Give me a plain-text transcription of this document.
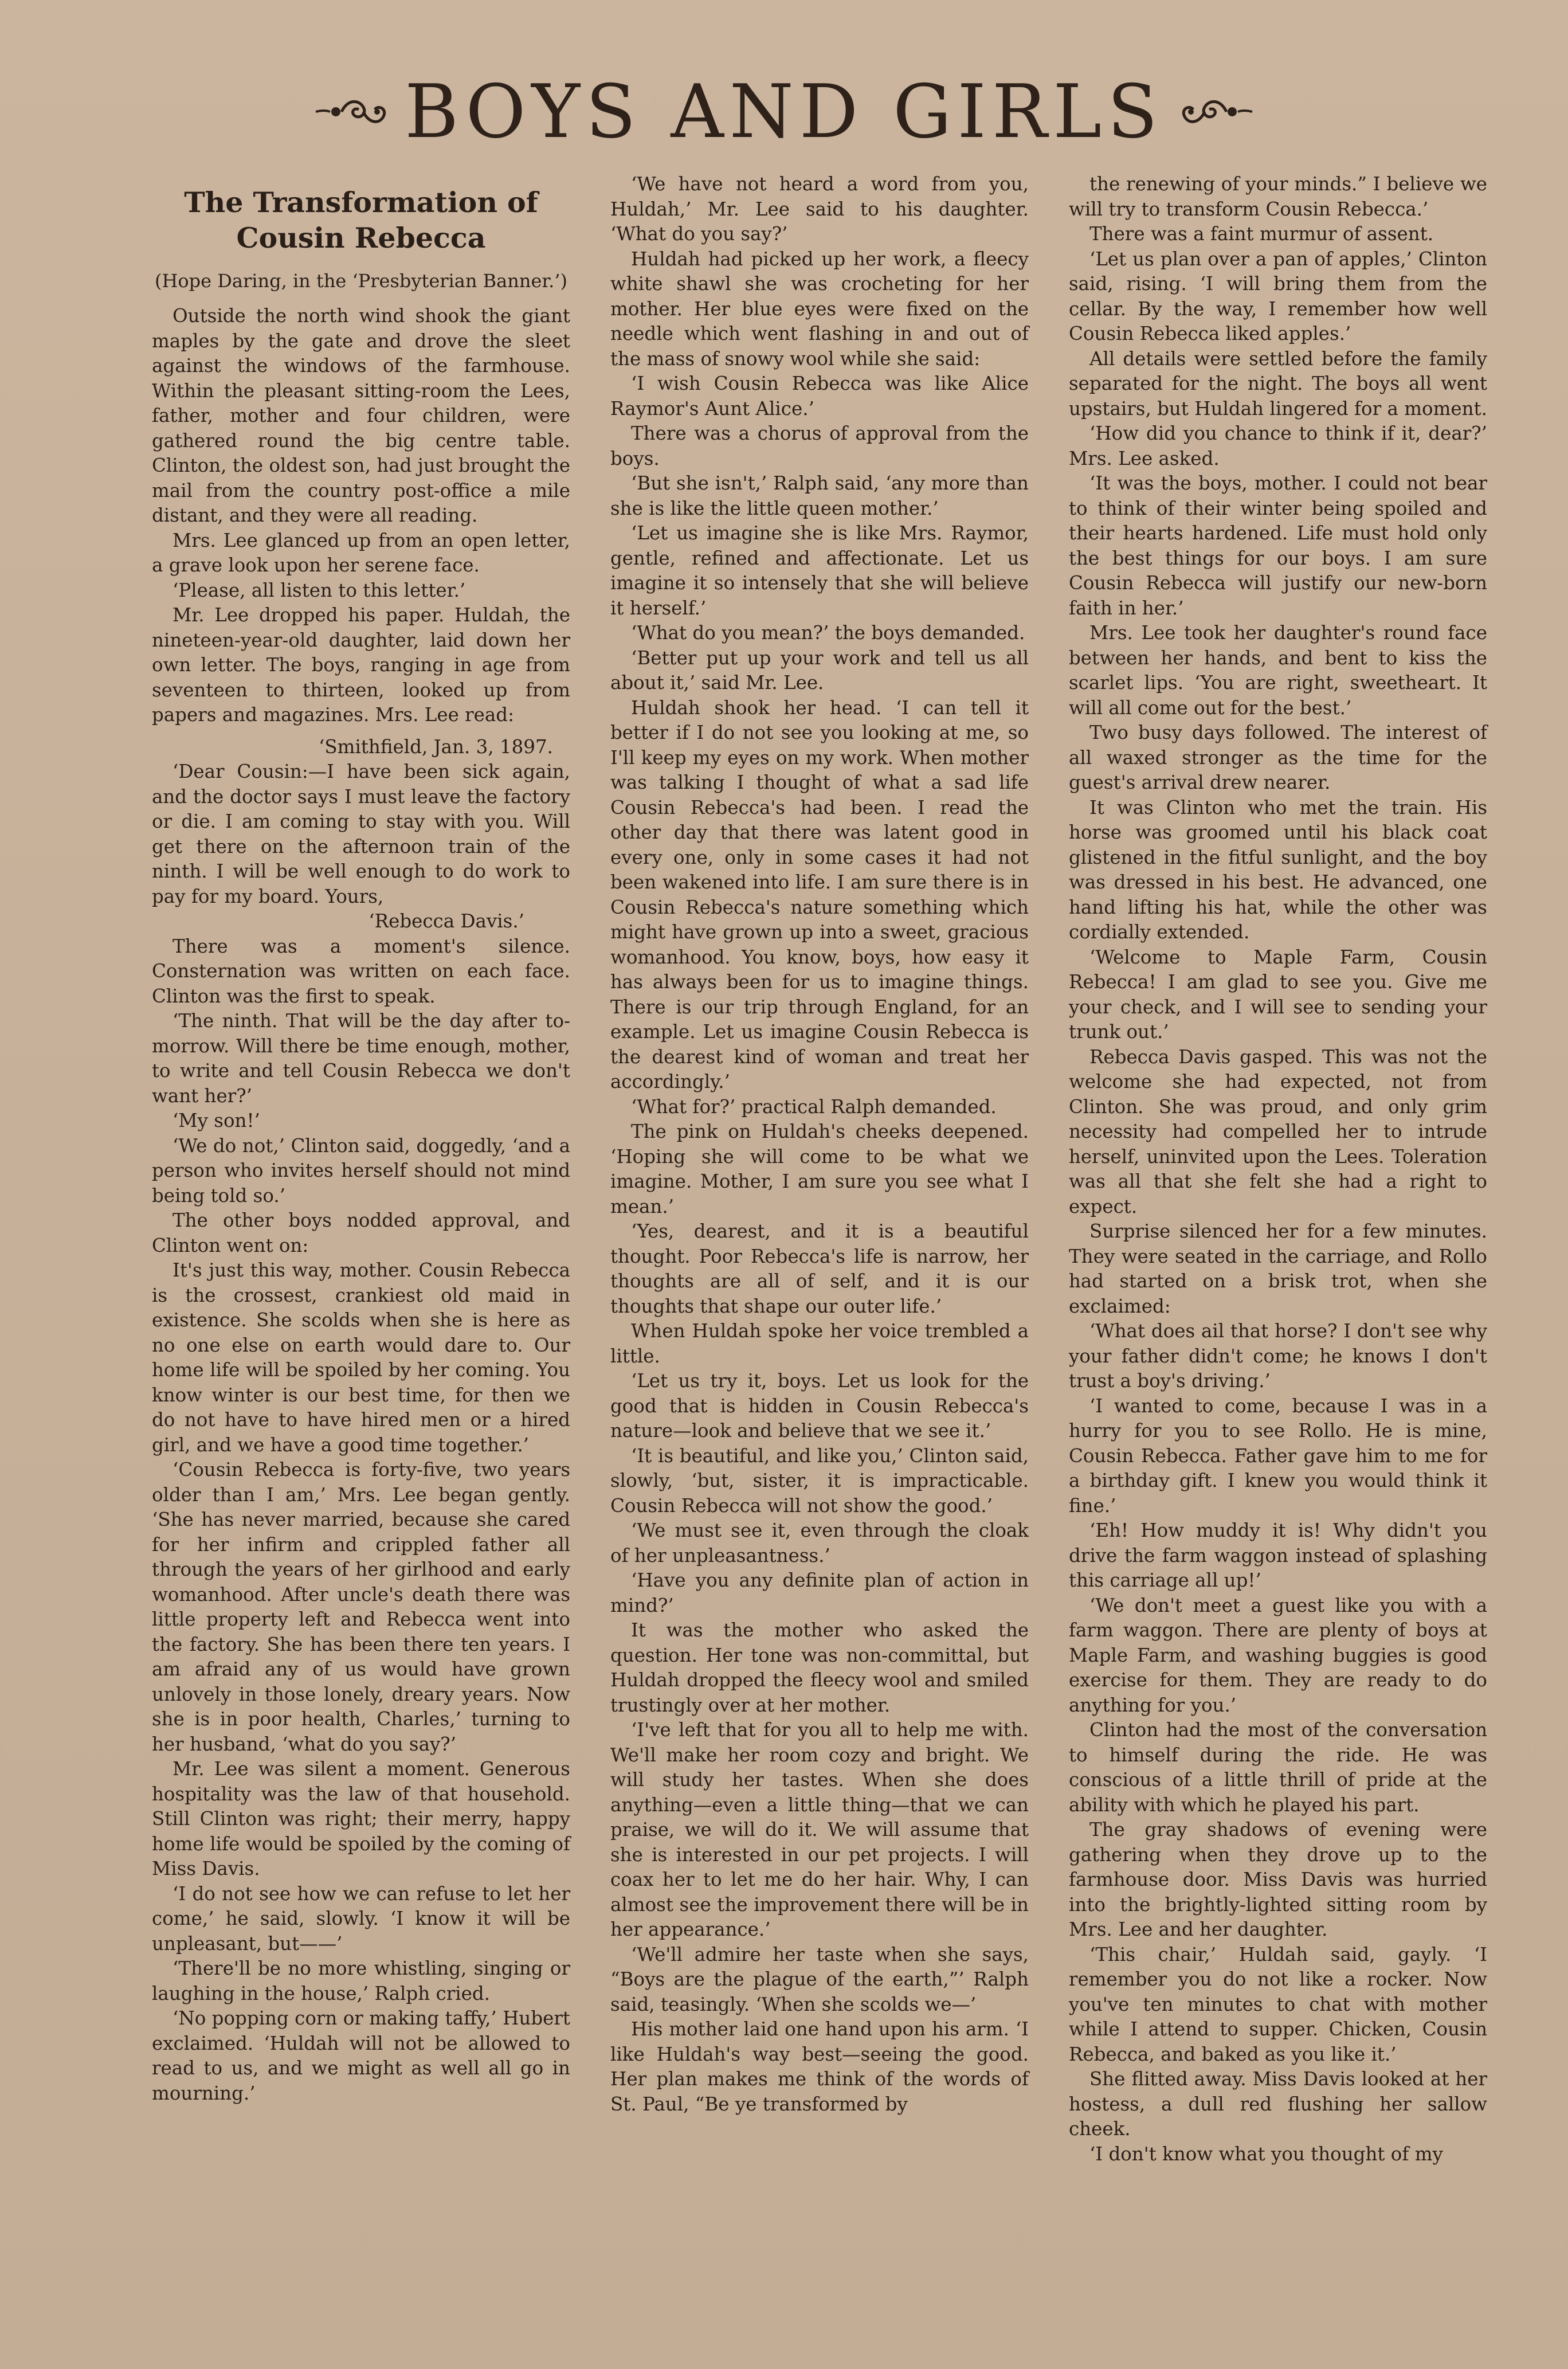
BOYS AND GIRLS
The Transformation of
Cousin Rebecca
(Hope Daring, in the ‘Presbyterian Banner.’)

Outside the north wind shook the giant maples by the gate and drove the sleet against the windows of the farmhouse. Within the pleasant sitting-room the Lees, father, mother and four children, were gathered round the big centre table. Clinton, the oldest son, had just brought the mail from the country post-office a mile distant, and they were all reading.

Mrs. Lee glanced up from an open letter, a grave look upon her serene face.

‘Please, all listen to this letter.’

Mr. Lee dropped his paper. Huldah, the nineteen-year-old daughter, laid down her own letter. The boys, ranging in age from seventeen to thirteen, looked up from papers and magazines. Mrs. Lee read:

‘Smithfield, Jan. 3, 1897.

‘Dear Cousin:—I have been sick again, and the doctor says I must leave the factory or die. I am coming to stay with you. Will get there on the afternoon train of the ninth. I will be well enough to do work to pay for my board. Yours,

‘Rebecca Davis.’

There was a moment's silence. Consternation was written on each face. Clinton was the first to speak.

‘The ninth. That will be the day after to-morrow. Will there be time enough, mother, to write and tell Cousin Rebecca we don't want her?’

‘My son!’

‘We do not,’ Clinton said, doggedly, ‘and a person who invites herself should not mind being told so.’

The other boys nodded approval, and Clinton went on:

It's just this way, mother. Cousin Rebecca is the crossest, crankiest old maid in existence. She scolds when she is here as no one else on earth would dare to. Our home life will be spoiled by her coming. You know winter is our best time, for then we do not have to have hired men or a hired girl, and we have a good time together.’

‘Cousin Rebecca is forty-five, two years older than I am,’ Mrs. Lee began gently. ‘She has never married, because she cared for her infirm and crippled father all through the years of her girlhood and early womanhood. After uncle's death there was little property left and Rebecca went into the factory. She has been there ten years. I am afraid any of us would have grown unlovely in those lonely, dreary years. Now she is in poor health, Charles,’ turning to her husband, ‘what do you say?’

Mr. Lee was silent a moment. Generous hospitality was the law of that household. Still Clinton was right; their merry, happy home life would be spoiled by the coming of Miss Davis.

‘I do not see how we can refuse to let her come,’ he said, slowly. ‘I know it will be unpleasant, but——’

‘There'll be no more whistling, singing or laughing in the house,’ Ralph cried.

‘No popping corn or making taffy,’ Hubert exclaimed. ‘Huldah will not be allowed to read to us, and we might as well all go in mourning.’

‘We have not heard a word from you, Huldah,’ Mr. Lee said to his daughter. ‘What do you say?’

Huldah had picked up her work, a fleecy white shawl she was crocheting for her mother. Her blue eyes were fixed on the needle which went flashing in and out of the mass of snowy wool while she said:

‘I wish Cousin Rebecca was like Alice Raymor's Aunt Alice.’

There was a chorus of approval from the boys.

‘But she isn't,’ Ralph said, ‘any more than she is like the little queen mother.’

‘Let us imagine she is like Mrs. Raymor, gentle, refined and affectionate. Let us imagine it so intensely that she will believe it herself.’

‘What do you mean?’ the boys demanded.

‘Better put up your work and tell us all about it,’ said Mr. Lee.

Huldah shook her head. ‘I can tell it better if I do not see you looking at me, so I'll keep my eyes on my work. When mother was talking I thought of what a sad life Cousin Rebecca's had been. I read the other day that there was latent good in every one, only in some cases it had not been wakened into life. I am sure there is in Cousin Rebecca's nature something which might have grown up into a sweet, gracious womanhood. You know, boys, how easy it has always been for us to imagine things. There is our trip through England, for an example. Let us imagine Cousin Rebecca is the dearest kind of woman and treat her accordingly.’

‘What for?’ practical Ralph demanded.

The pink on Huldah's cheeks deepened. ‘Hoping she will come to be what we imagine. Mother, I am sure you see what I mean.’

‘Yes, dearest, and it is a beautiful thought. Poor Rebecca's life is narrow, her thoughts are all of self, and it is our thoughts that shape our outer life.’

When Huldah spoke her voice trembled a little.

‘Let us try it, boys. Let us look for the good that is hidden in Cousin Rebecca's nature—look and believe that we see it.’

‘It is beautiful, and like you,’ Clinton said, slowly, ‘but, sister, it is impracticable. Cousin Rebecca will not show the good.’

‘We must see it, even through the cloak of her unpleasantness.’

‘Have you any definite plan of action in mind?’

It was the mother who asked the question. Her tone was non-committal, but Huldah dropped the fleecy wool and smiled trustingly over at her mother.

‘I've left that for you all to help me with. We'll make her room cozy and bright. We will study her tastes. When she does anything—even a little thing—that we can praise, we will do it. We will assume that she is interested in our pet projects. I will coax her to let me do her hair. Why, I can almost see the improvement there will be in her appearance.’

‘We'll admire her taste when she says, “Boys are the plague of the earth,”’ Ralph said, teasingly. ‘When she scolds we—’

His mother laid one hand upon his arm. ‘I like Huldah's way best—seeing the good. Her plan makes me think of the words of St. Paul, “Be ye transformed by

the renewing of your minds.” I believe we will try to transform Cousin Rebecca.’

There was a faint murmur of assent.

‘Let us plan over a pan of apples,’ Clinton said, rising. ‘I will bring them from the cellar. By the way, I remember how well Cousin Rebecca liked apples.’

All details were settled before the family separated for the night. The boys all went upstairs, but Huldah lingered for a moment.

‘How did you chance to think if it, dear?’ Mrs. Lee asked.

‘It was the boys, mother. I could not bear to think of their winter being spoiled and their hearts hardened. Life must hold only the best things for our boys. I am sure Cousin Rebecca will justify our new-born faith in her.’

Mrs. Lee took her daughter's round face between her hands, and bent to kiss the scarlet lips. ‘You are right, sweetheart. It will all come out for the best.’

Two busy days followed. The interest of all waxed stronger as the time for the guest's arrival drew nearer.

It was Clinton who met the train. His horse was groomed until his black coat glistened in the fitful sunlight, and the boy was dressed in his best. He advanced, one hand lifting his hat, while the other was cordially extended.

‘Welcome to Maple Farm, Cousin Rebecca! I am glad to see you. Give me your check, and I will see to sending your trunk out.’

Rebecca Davis gasped. This was not the welcome she had expected, not from Clinton. She was proud, and only grim necessity had compelled her to intrude herself, uninvited upon the Lees. Toleration was all that she felt she had a right to expect.

Surprise silenced her for a few minutes. They were seated in the carriage, and Rollo had started on a brisk trot, when she exclaimed:

‘What does ail that horse? I don't see why your father didn't come; he knows I don't trust a boy's driving.’

‘I wanted to come, because I was in a hurry for you to see Rollo. He is mine, Cousin Rebecca. Father gave him to me for a birthday gift. I knew you would think it fine.’

‘Eh! How muddy it is! Why didn't you drive the farm waggon instead of splashing this carriage all up!’

‘We don't meet a guest like you with a farm waggon. There are plenty of boys at Maple Farm, and washing buggies is good exercise for them. They are ready to do anything for you.’

Clinton had the most of the conversation to himself during the ride. He was conscious of a little thrill of pride at the ability with which he played his part.

The gray shadows of evening were gathering when they drove up to the farmhouse door. Miss Davis was hurried into the brightly-lighted sitting room by Mrs. Lee and her daughter.

‘This chair,’ Huldah said, gayly. ‘I remember you do not like a rocker. Now you've ten minutes to chat with mother while I attend to supper. Chicken, Cousin Rebecca, and baked as you like it.’

She flitted away. Miss Davis looked at her hostess, a dull red flushing her sallow cheek.

‘I don't know what you thought of my
